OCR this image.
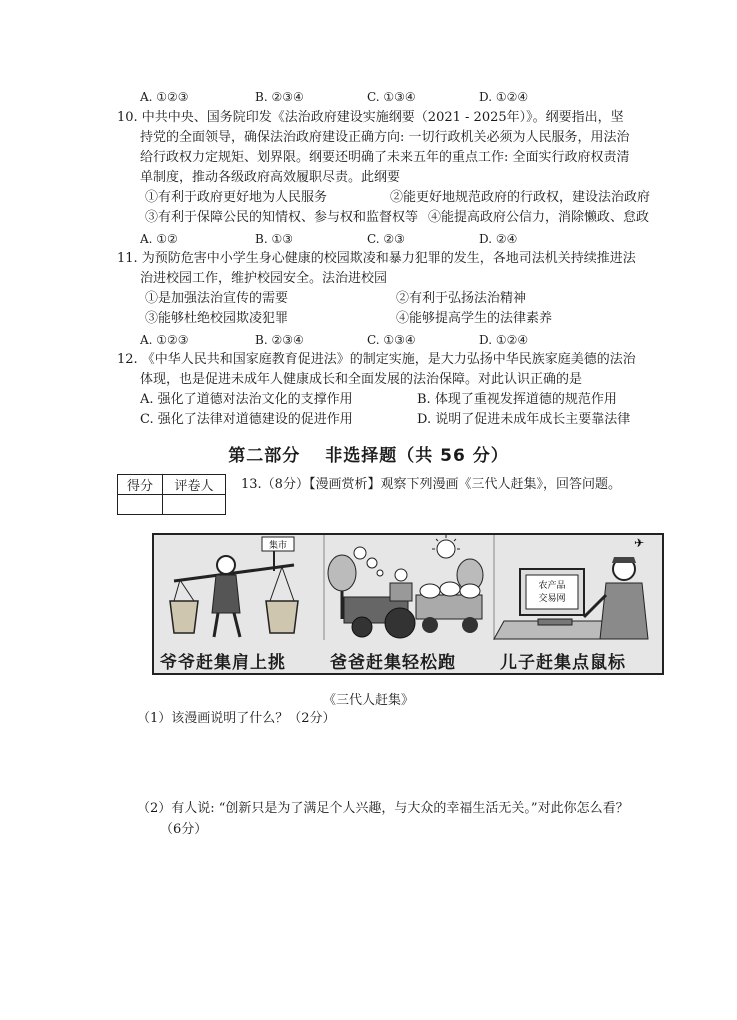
A. ①②③	B. ②③④	C. ①③④	D. ①②④
10. 中共中央、国务院印发《法治政府建设实施纲要（2021 - 2025年）》。纲要指出，坚
持党的全面领导，确保法治政府建设正确方向: 一切行政机关必须为人民服务，用法治
给行政权力定规矩、划界限。纲要还明确了未来五年的重点工作: 全面实行政府权责清
单制度，推动各级政府高效履职尽责。此纲要
①有利于政府更好地为人民服务	②能更好地规范政府的行政权，建设法治政府
③有利于保障公民的知情权、参与权和监督权等 ④能提高政府公信力，消除懒政、怠政
A. ①②	B. ①③	C. ②③	D. ②④
11. 为预防危害中小学生身心健康的校园欺凌和暴力犯罪的发生，各地司法机关持续推进法
治进校园工作，维护校园安全。法治进校园
①是加强法治宣传的需要	②有利于弘扬法治精神
③能够杜绝校园欺凌犯罪	④能够提高学生的法律素养
A. ①②③	B. ②③④	C. ①③④	D. ①②④
12. 《中华人民共和国家庭教育促进法》的制定实施，是大力弘扬中华民族家庭美德的法治
体现，也是促进未成年人健康成长和全面发展的法治保障。对此认识正确的是
A. 强化了道德对法治文化的支撑作用	B. 体现了重视发挥道德的规范作用
C. 强化了法律对道德建设的促进作用	D. 说明了促进未成年成长主要靠法律
第二部分　 非选择题（共 56 分）
得分	评卷人
	13.（8分）【漫画赏析】观察下列漫画《三代人赶集》，回答问题。
集市
农产品
交易网
✈
爷爷赶集肩上挑	爸爸赶集轻松跑	儿子赶集点鼠标
《三代人赶集》
（1）该漫画说明了什么？（2分）
（2）有人说: “创新只是为了满足个人兴趣，与大众的幸福生活无关。”对此你怎么看？
（6分）
